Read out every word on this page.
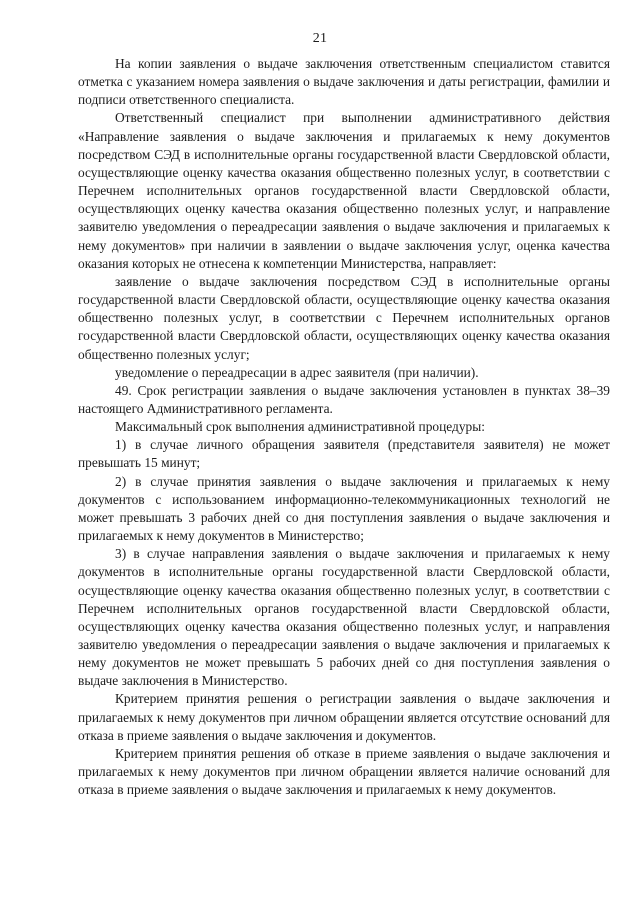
21

На копии заявления о выдаче заключения ответственным специалистом ставится отметка с указанием номера заявления о выдаче заключения и даты регистрации, фамилии и подписи ответственного специалиста.

Ответственный специалист при выполнении административного действия «Направление заявления о выдаче заключения и прилагаемых к нему документов посредством СЭД в исполнительные органы государственной власти Свердловской области, осуществляющие оценку качества оказания общественно полезных услуг, в соответствии с Перечнем исполнительных органов государственной власти Свердловской области, осуществляющих оценку качества оказания общественно полезных услуг, и направление заявителю уведомления о переадресации заявления о выдаче заключения и прилагаемых к нему документов» при наличии в заявлении о выдаче заключения услуг, оценка качества оказания которых не отнесена к компетенции Министерства, направляет:

заявление о выдаче заключения посредством СЭД в исполнительные органы государственной власти Свердловской области, осуществляющие оценку качества оказания общественно полезных услуг, в соответствии с Перечнем исполнительных органов государственной власти Свердловской области, осуществляющих оценку качества оказания общественно полезных услуг;

уведомление о переадресации в адрес заявителя (при наличии).

49. Срок регистрации заявления о выдаче заключения установлен в пунктах 38–39 настоящего Административного регламента.

Максимальный срок выполнения административной процедуры:

1) в случае личного обращения заявителя (представителя заявителя) не может превышать 15 минут;

2) в случае принятия заявления о выдаче заключения и прилагаемых к нему документов с использованием информационно-телекоммуникационных технологий не может превышать 3 рабочих дней со дня поступления заявления о выдаче заключения и прилагаемых к нему документов в Министерство;

3) в случае направления заявления о выдаче заключения и прилагаемых к нему документов в исполнительные органы государственной власти Свердловской области, осуществляющие оценку качества оказания общественно полезных услуг, в соответствии с Перечнем исполнительных органов государственной власти Свердловской области, осуществляющих оценку качества оказания общественно полезных услуг, и направления заявителю уведомления о переадресации заявления о выдаче заключения и прилагаемых к нему документов не может превышать 5 рабочих дней со дня поступления заявления о выдаче заключения в Министерство.

Критерием принятия решения о регистрации заявления о выдаче заключения и прилагаемых к нему документов при личном обращении является отсутствие оснований для отказа в приеме заявления о выдаче заключения и документов.

Критерием принятия решения об отказе в приеме заявления о выдаче заключения и прилагаемых к нему документов при личном обращении является наличие оснований для отказа в приеме заявления о выдаче заключения и прилагаемых к нему документов.
